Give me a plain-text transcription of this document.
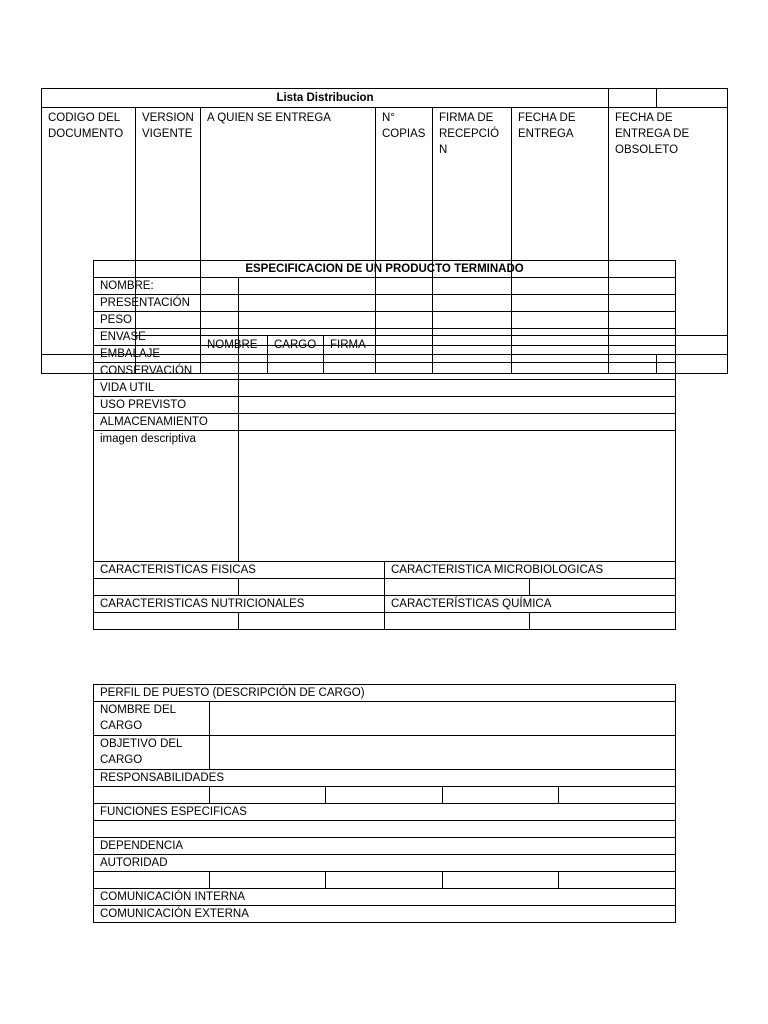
Lista Distribucion										
CODIGO DEL DOCUMENTO	VERSION VIGENTE	A QUIEN SE ENTREGA			N° COPIAS	FIRMA DE RECEPCIÓN	FECHA DE ENTREGA	FECHA DE ENTREGA DE OBSOLETO	
		NOMBRE	CARGO	FIRMA						

ESPECIFICACION DE UN PRODUCTO TERMINADO			
NOMBRE:			
PRESENTACIÓN			
PESO			
ENVASE			
EMBALAJE			
CONSERVACIÓN			
VIDA UTIL			
USO PREVISTO			
ALMACENAMIENTO			
imagen descriptiva			
CARACTERISTICAS FISICAS		CARACTERISTICA MICROBIOLOGICAS	

CARACTERISTICAS NUTRICIONALES		CARACTERÍSTICAS QUÍMICA	

PERFIL DE PUESTO (DESCRIPCIÓN DE CARGO)				
NOMBRE DEL CARGO				
OBJETIVO DEL CARGO				
RESPONSABILIDADES				

FUNCIONES ESPECIFICAS				

DEPENDENCIA				
AUTORIDAD				

COMUNICACIÓN INTERNA				
COMUNICACIÓN EXTERNA				
